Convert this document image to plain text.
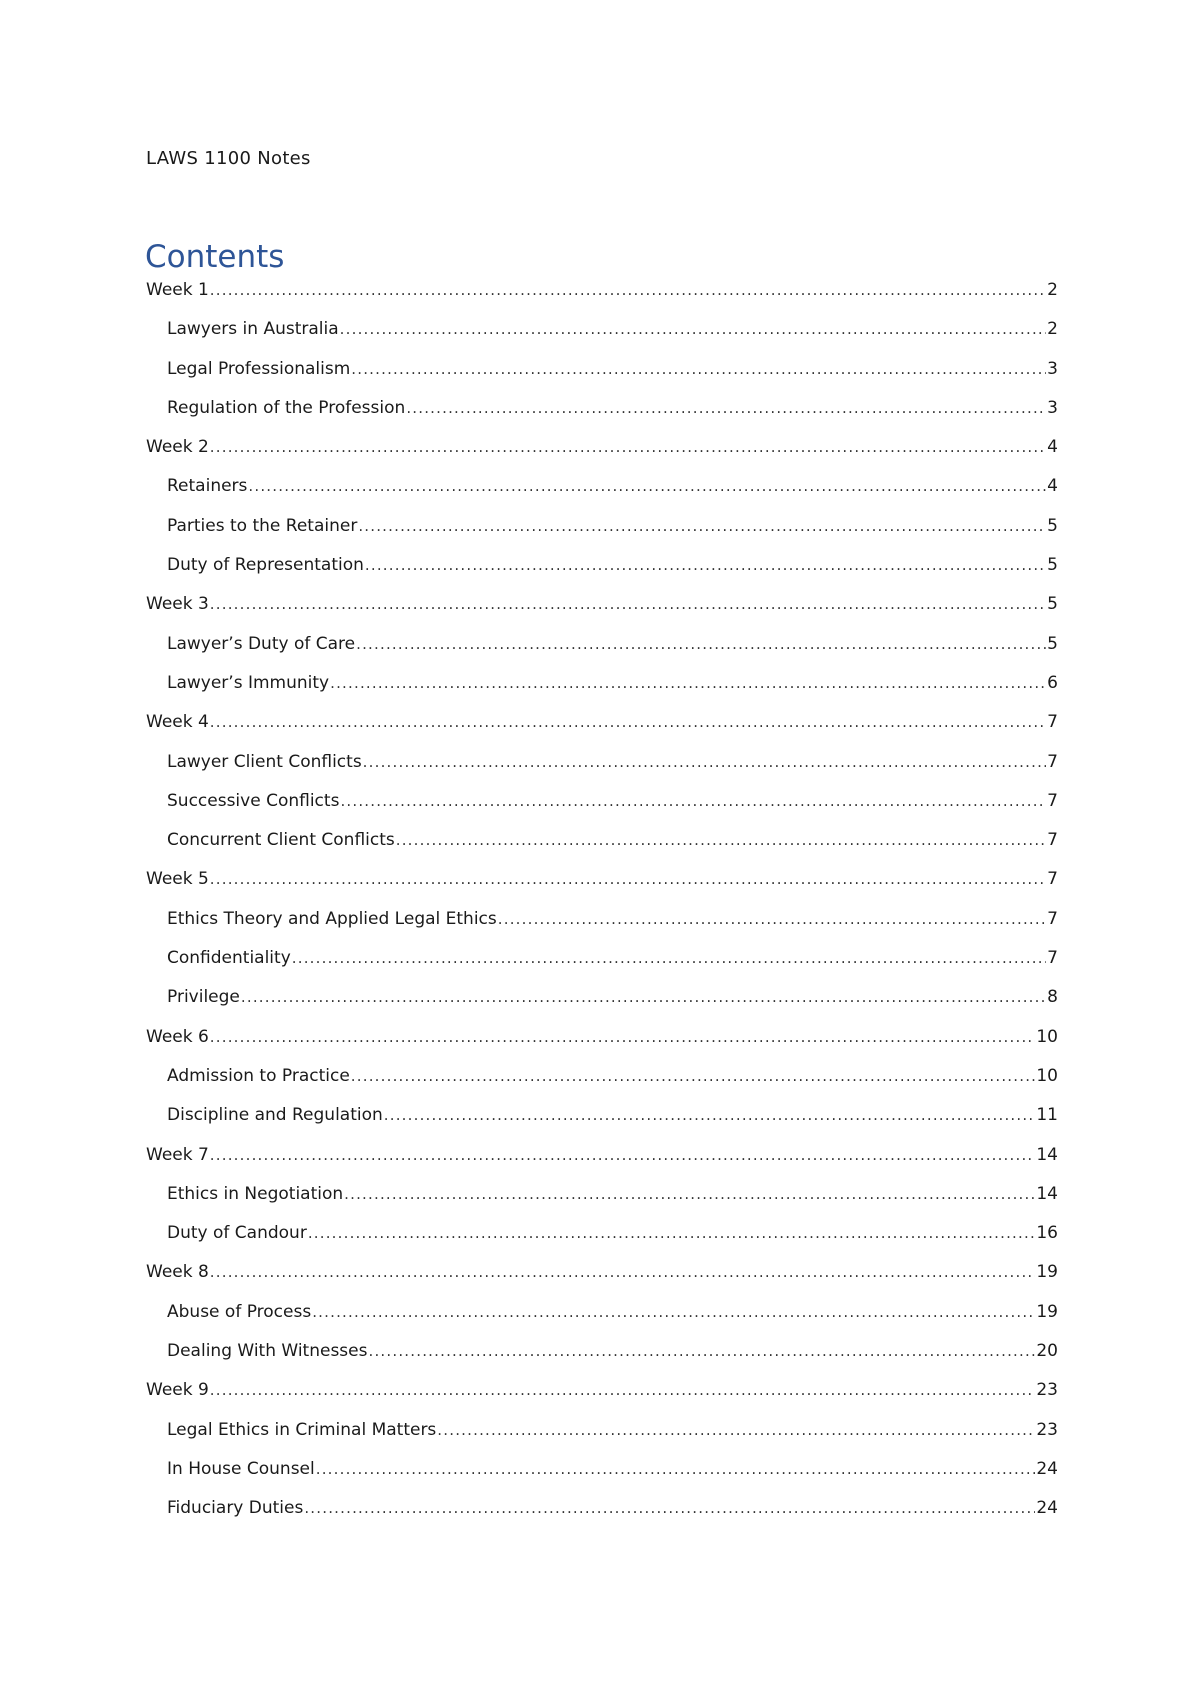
LAWS 1100 Notes
Contents
Week 1 .....	2
Lawyers in Australia .....	2
Legal Professionalism .....	3
Regulation of the Profession .....	3
Week 2 .....	4
Retainers .....	4
Parties to the Retainer .....	5
Duty of Representation .....	5
Week 3 .....	5
Lawyer’s Duty of Care .....	5
Lawyer’s Immunity .....	6
Week 4 .....	7
Lawyer Client Conflicts .....	7
Successive Conflicts .....	7
Concurrent Client Conflicts .....	7
Week 5 .....	7
Ethics Theory and Applied Legal Ethics .....	7
Confidentiality .....	7
Privilege .....	8
Week 6 .....	10
Admission to Practice .....	10
Discipline and Regulation .....	11
Week 7 .....	14
Ethics in Negotiation .....	14
Duty of Candour .....	16
Week 8 .....	19
Abuse of Process .....	19
Dealing With Witnesses .....	20
Week 9 .....	23
Legal Ethics in Criminal Matters .....	23
In House Counsel .....	24
Fiduciary Duties .....	24
